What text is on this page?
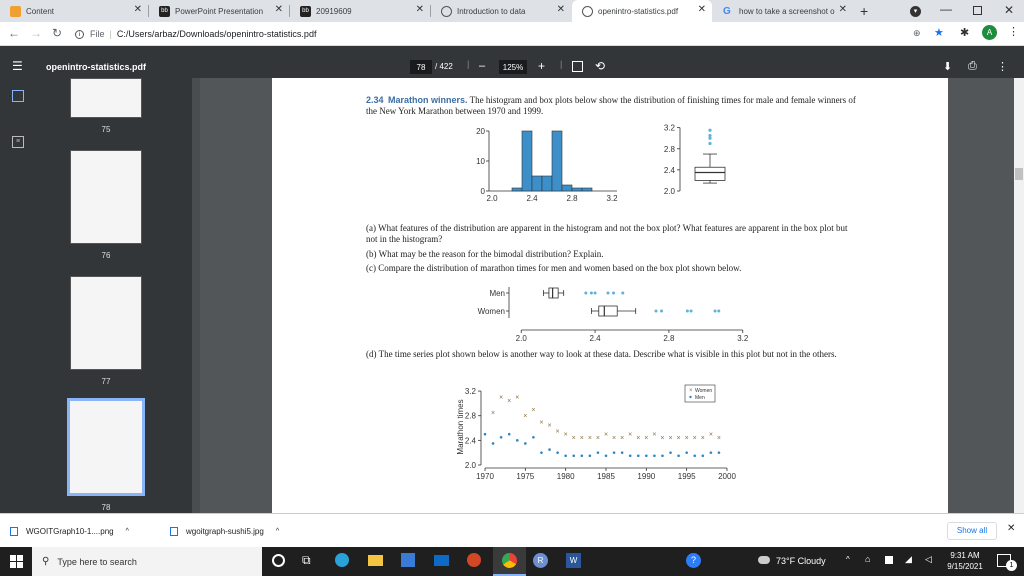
Content	✕	bb PowerPoint Presentation ✕	bb 20919609	✕	Introduction to data	✕	openintro-statistics.pdf ✕ G	how to take a screenshot o ✕ +	▾	—	✕
← → ↻	i	File | C:/Users/arbaz/Downloads/openintro-statistics.pdf	⊕ ★ ✱	A	⋮
☰	openintro-statistics.pdf	78	/ 422 | –	125%	+ |	⟲	⬇ ⎙ ⋮
≡
75
76
77
78
2.34 Marathon winners. The histogram and box plots below show the distribution of finishing times for male and female winners of the New York Marathon between 1970 and 1999.
0
10
20
2.0	2.4	2.8	3.2
2.0
2.4
2.8
3.2
(a) What features of the distribution are apparent in the histogram and not the box plot? What features are apparent in the box plot but not in the histogram?
(b) What may be the reason for the bimodal distribution? Explain.
(c) Compare the distribution of marathon times for men and women based on the box plot shown below.
2.0	2.4	2.8	3.2
Men
Women
(d) The time series plot shown below is another way to look at these data. Describe what is visible in this plot but not in the others.
2.0
2.4
2.8
3.2
1970	1975	1980	1985	1990	1995	2000
Marathon times	×
× × ×
×
×
× ×
× × × × × × × × × × × × × × × × × × × × ×
× Women
Men
WGOITGraph10-1....png ^	wgoitgraph-sushi5.jpg ^	Show all	✕
⚲ Type here to search	⧉	R	W	?	73°F Cloudy	^ ⌂	◢ ◁	9:31 AM
9/15/2021	1
